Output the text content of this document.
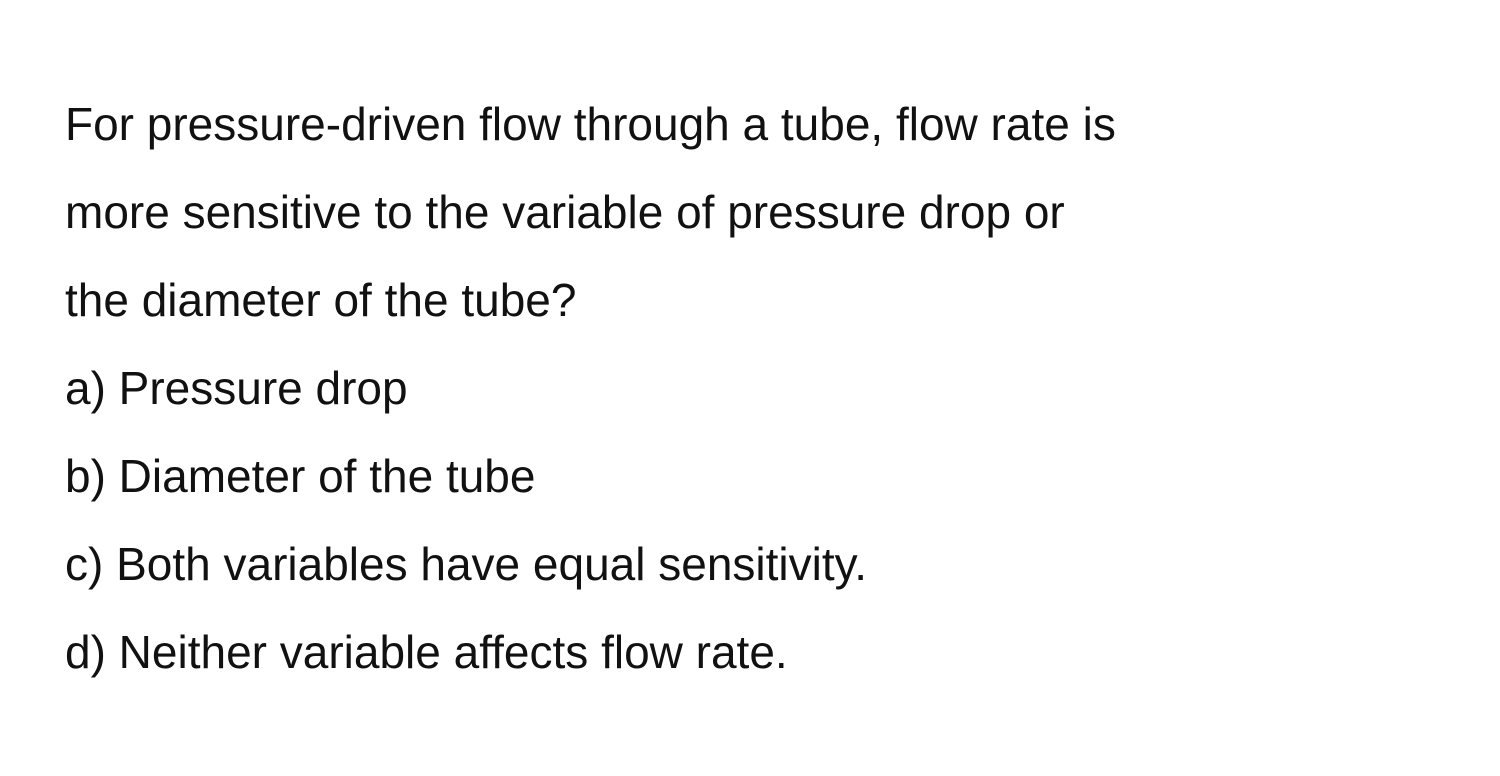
For pressure-driven flow through a tube, flow rate is
more sensitive to the variable of pressure drop or
the diameter of the tube?
a) Pressure drop
b) Diameter of the tube
c) Both variables have equal sensitivity.
d) Neither variable affects flow rate.
